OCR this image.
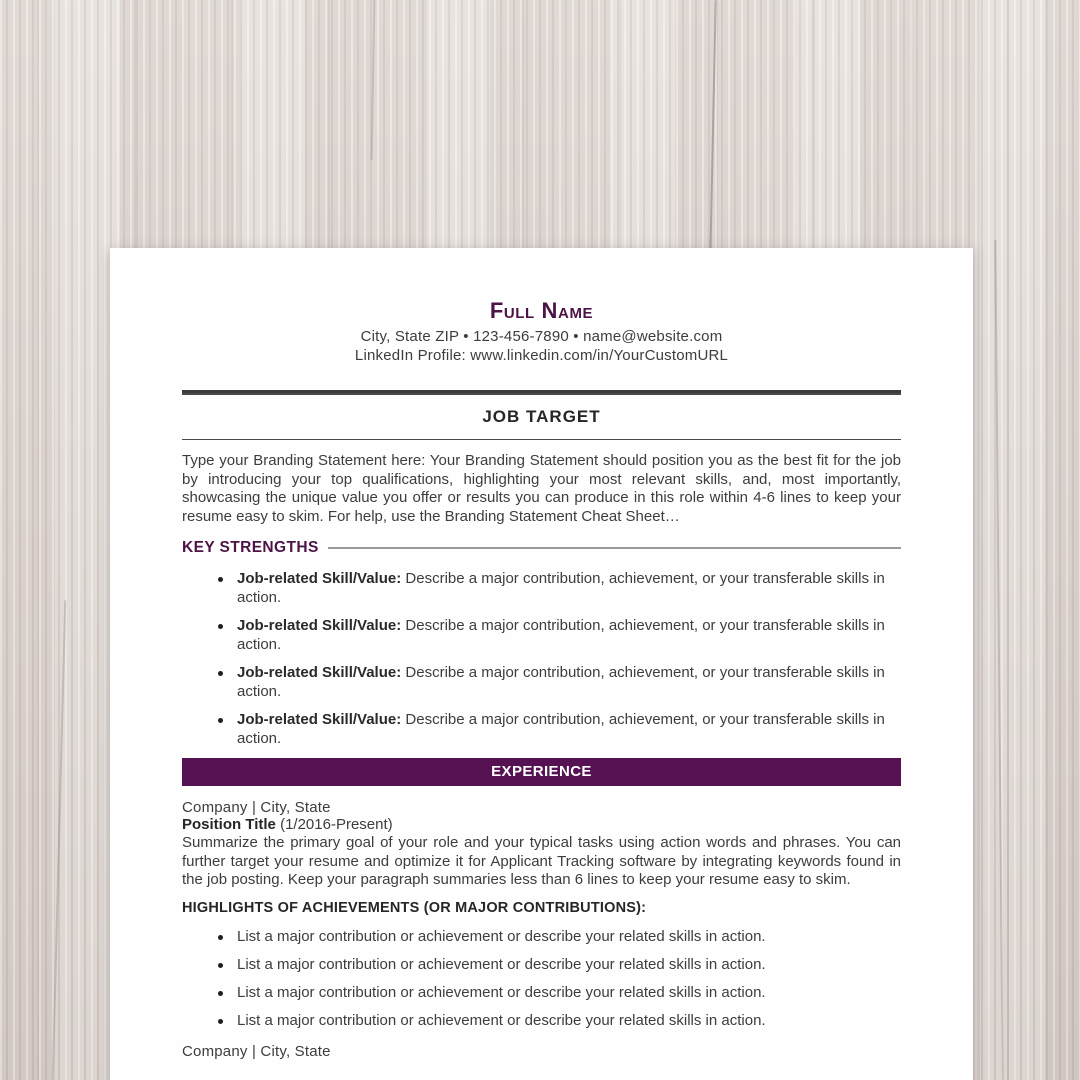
Full Name
City, State ZIP • 123-456-7890 • name@website.com
LinkedIn Profile: www.linkedin.com/in/YourCustomURL
JOB TARGET
Type your Branding Statement here: Your Branding Statement should position you as the best fit for the job by introducing your top qualifications, highlighting your most relevant skills, and, most importantly, showcasing the unique value you offer or results you can produce in this role within 4-6 lines to keep your resume easy to skim. For help, use the Branding Statement Cheat Sheet…
KEY STRENGTHS
Job-related Skill/Value: Describe a major contribution, achievement, or your transferable skills in action.
Job-related Skill/Value: Describe a major contribution, achievement, or your transferable skills in action.
Job-related Skill/Value: Describe a major contribution, achievement, or your transferable skills in action.
Job-related Skill/Value: Describe a major contribution, achievement, or your transferable skills in action.
EXPERIENCE
Company | City, State
Position Title (1/2016-Present)
Summarize the primary goal of your role and your typical tasks using action words and phrases. You can further target your resume and optimize it for Applicant Tracking software by integrating keywords found in the job posting. Keep your paragraph summaries less than 6 lines to keep your resume easy to skim.
HIGHLIGHTS OF ACHIEVEMENTS (OR MAJOR CONTRIBUTIONS):
List a major contribution or achievement or describe your related skills in action.
List a major contribution or achievement or describe your related skills in action.
List a major contribution or achievement or describe your related skills in action.
List a major contribution or achievement or describe your related skills in action.
Company | City, State
